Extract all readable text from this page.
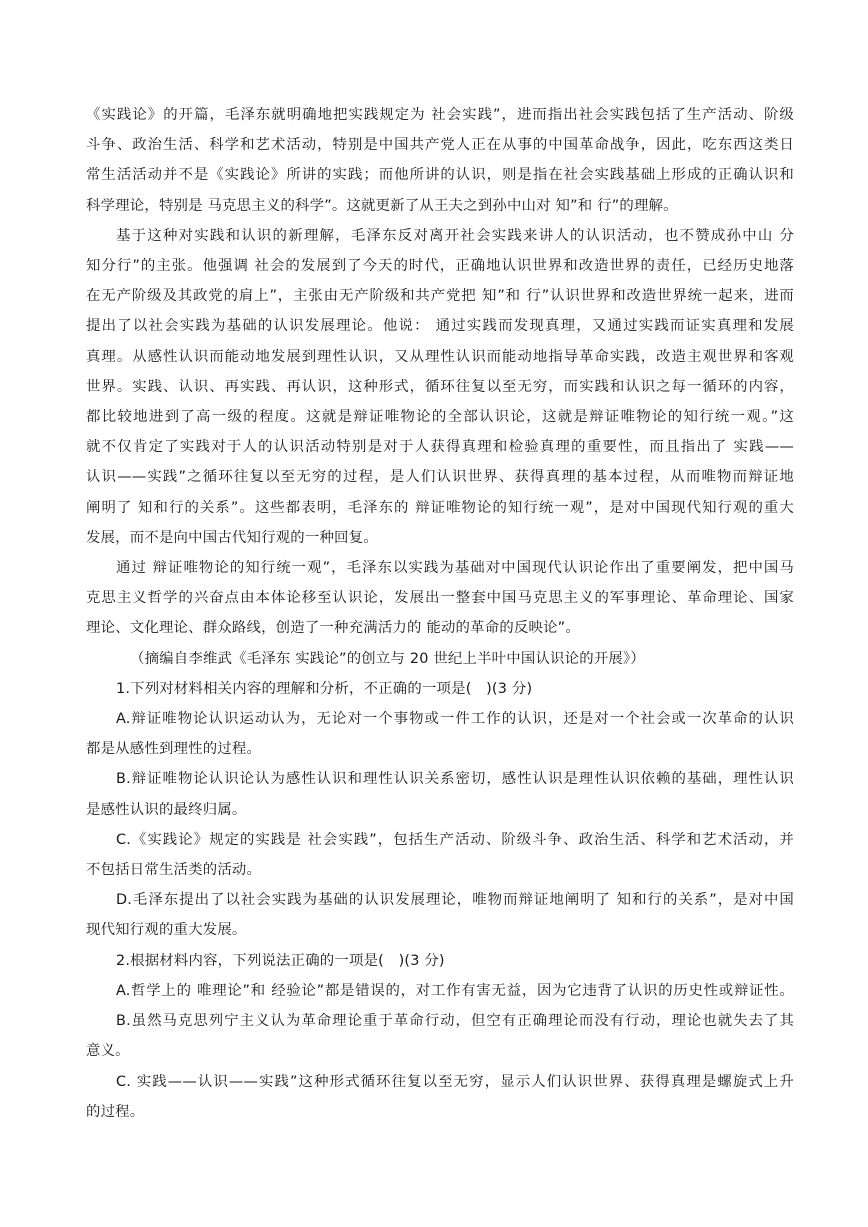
《实践论》的开篇，毛泽东就明确地把实践规定为 社会实践”，进而指出社会实践包括了生产活动、阶级
斗争、政治生活、科学和艺术活动，特别是中国共产党人正在从事的中国革命战争，因此，吃东西这类日
常生活活动并不是《实践论》所讲的实践；而他所讲的认识，则是指在社会实践基础上形成的正确认识和
科学理论，特别是 马克思主义的科学”。这就更新了从王夫之到孙中山对 知”和 行”的理解。
基于这种对实践和认识的新理解，毛泽东反对离开社会实践来讲人的认识活动，也不赞成孙中山 分
知分行”的主张。他强调 社会的发展到了今天的时代，正确地认识世界和改造世界的责任，已经历史地落
在无产阶级及其政党的肩上”，主张由无产阶级和共产党把 知”和 行”认识世界和改造世界统一起来，进而
提出了以社会实践为基础的认识发展理论。他说： 通过实践而发现真理，又通过实践而证实真理和发展
真理。从感性认识而能动地发展到理性认识，又从理性认识而能动地指导革命实践，改造主观世界和客观
世界。实践、认识、再实践、再认识，这种形式，循环往复以至无穷，而实践和认识之每一循环的内容，
都比较地进到了高一级的程度。这就是辩证唯物论的全部认识论，这就是辩证唯物论的知行统一观。”这
就不仅肯定了实践对于人的认识活动特别是对于人获得真理和检验真理的重要性，而且指出了 实践——
认识——实践”之循环往复以至无穷的过程，是人们认识世界、获得真理的基本过程，从而唯物而辩证地
阐明了 知和行的关系”。这些都表明，毛泽东的 辩证唯物论的知行统一观”，是对中国现代知行观的重大
发展，而不是向中国古代知行观的一种回复。
通过 辩证唯物论的知行统一观”，毛泽东以实践为基础对中国现代认识论作出了重要阐发，把中国马
克思主义哲学的兴奋点由本体论移至认识论，发展出一整套中国马克思主义的军事理论、革命理论、国家
理论、文化理论、群众路线，创造了一种充满活力的 能动的革命的反映论”。
（摘编自李维武《毛泽东 实践论”的创立与 20 世纪上半叶中国认识论的开展》）
1.下列对材料相关内容的理解和分析，不正确的一项是(　)(3 分)
A.辩证唯物论认识运动认为，无论对一个事物或一件工作的认识，还是对一个社会或一次革命的认识
都是从感性到理性的过程。
B.辩证唯物论认识论认为感性认识和理性认识关系密切，感性认识是理性认识依赖的基础，理性认识
是感性认识的最终归属。
C.《实践论》规定的实践是 社会实践”，包括生产活动、阶级斗争、政治生活、科学和艺术活动，并
不包括日常生活类的活动。
D.毛泽东提出了以社会实践为基础的认识发展理论，唯物而辩证地阐明了 知和行的关系”，是对中国
现代知行观的重大发展。
2.根据材料内容，下列说法正确的一项是(　)(3 分)
A.哲学上的 唯理论”和 经验论”都是错误的，对工作有害无益，因为它违背了认识的历史性或辩证性。
B.虽然马克思列宁主义认为革命理论重于革命行动，但空有正确理论而没有行动，理论也就失去了其
意义。
C. 实践——认识——实践”这种形式循环往复以至无穷，显示人们认识世界、获得真理是螺旋式上升
的过程。
